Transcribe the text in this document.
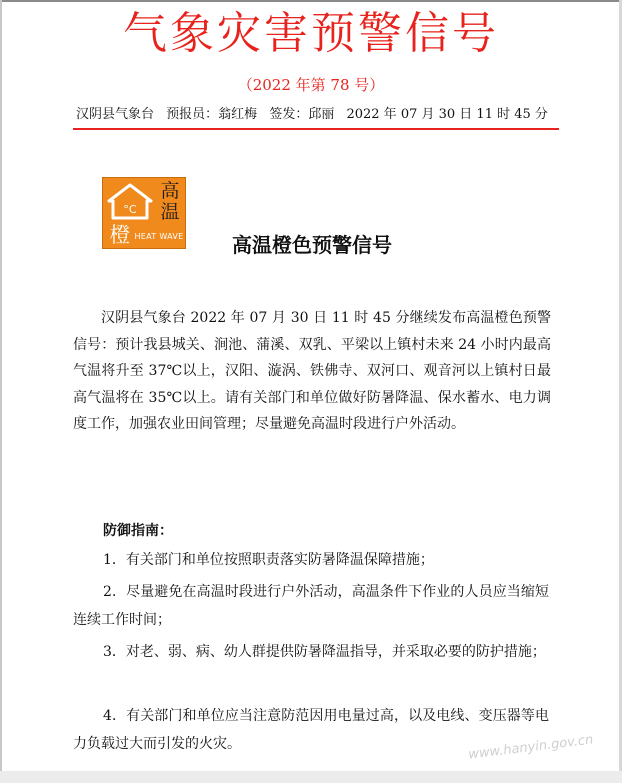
气象灾害预警信号
（2022 年第 78 号）
汉阴县气象台 预报员：翁红梅 签发：邱丽 2022 年 07 月 30 日 11 时 45 分
°C
高
温
橙 HEAT WAVE 高温橙色预警信号
汉阴县气象台 2022 年 07 月 30 日 11 时 45 分继续发布高温橙色预警信号：预计我县城关、涧池、蒲溪、双乳、平梁以上镇村未来 24 小时内最高气温将升至 37℃以上，汉阳、漩涡、铁佛寺、双河口、观音河以上镇村日最高气温将在 35℃以上。请有关部门和单位做好防暑降温、保水蓄水、电力调度工作，加强农业田间管理；尽量避免高温时段进行户外活动。
防御指南：
1．有关部门和单位按照职责落实防暑降温保障措施；
2．尽量避免在高温时段进行户外活动，高温条件下作业的人员应当缩短连续工作时间；
3．对老、弱、病、幼人群提供防暑降温指导，并采取必要的防护措施；
4．有关部门和单位应当注意防范因用电量过高，以及电线、变压器等电力负载过大而引发的火灾。	www.hanyin.gov.cn
